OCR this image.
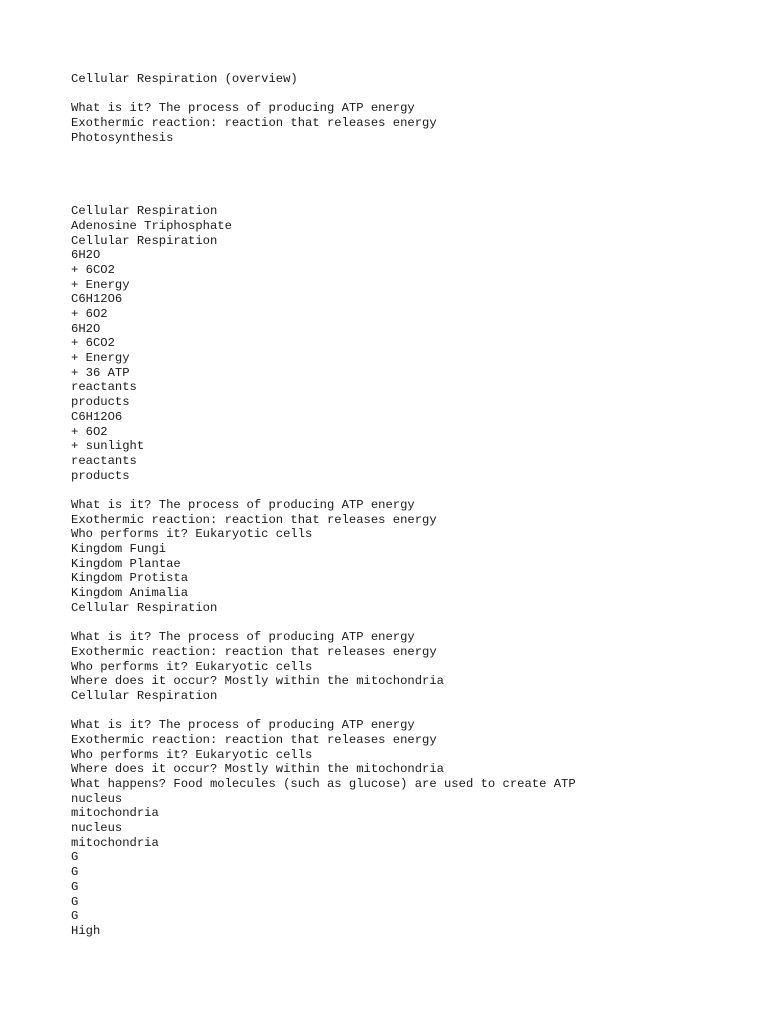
Cellular Respiration (overview)
What is it? The process of producing ATP energy
Exothermic reaction: reaction that releases energy
Photosynthesis
Cellular Respiration
Adenosine Triphosphate
Cellular Respiration
6H2O
+ 6CO2
+ Energy
C6H12O6
+ 6O2
6H2O
+ 6CO2
+ Energy
+ 36 ATP
reactants
products
C6H12O6
+ 6O2
+ sunlight
reactants
products
What is it? The process of producing ATP energy
Exothermic reaction: reaction that releases energy
Who performs it? Eukaryotic cells
Kingdom Fungi
Kingdom Plantae
Kingdom Protista
Kingdom Animalia
Cellular Respiration
What is it? The process of producing ATP energy
Exothermic reaction: reaction that releases energy
Who performs it? Eukaryotic cells
Where does it occur? Mostly within the mitochondria
Cellular Respiration
What is it? The process of producing ATP energy
Exothermic reaction: reaction that releases energy
Who performs it? Eukaryotic cells
Where does it occur? Mostly within the mitochondria
What happens? Food molecules (such as glucose) are used to create ATP
nucleus
mitochondria
nucleus
mitochondria
G
G
G
G
G
High
